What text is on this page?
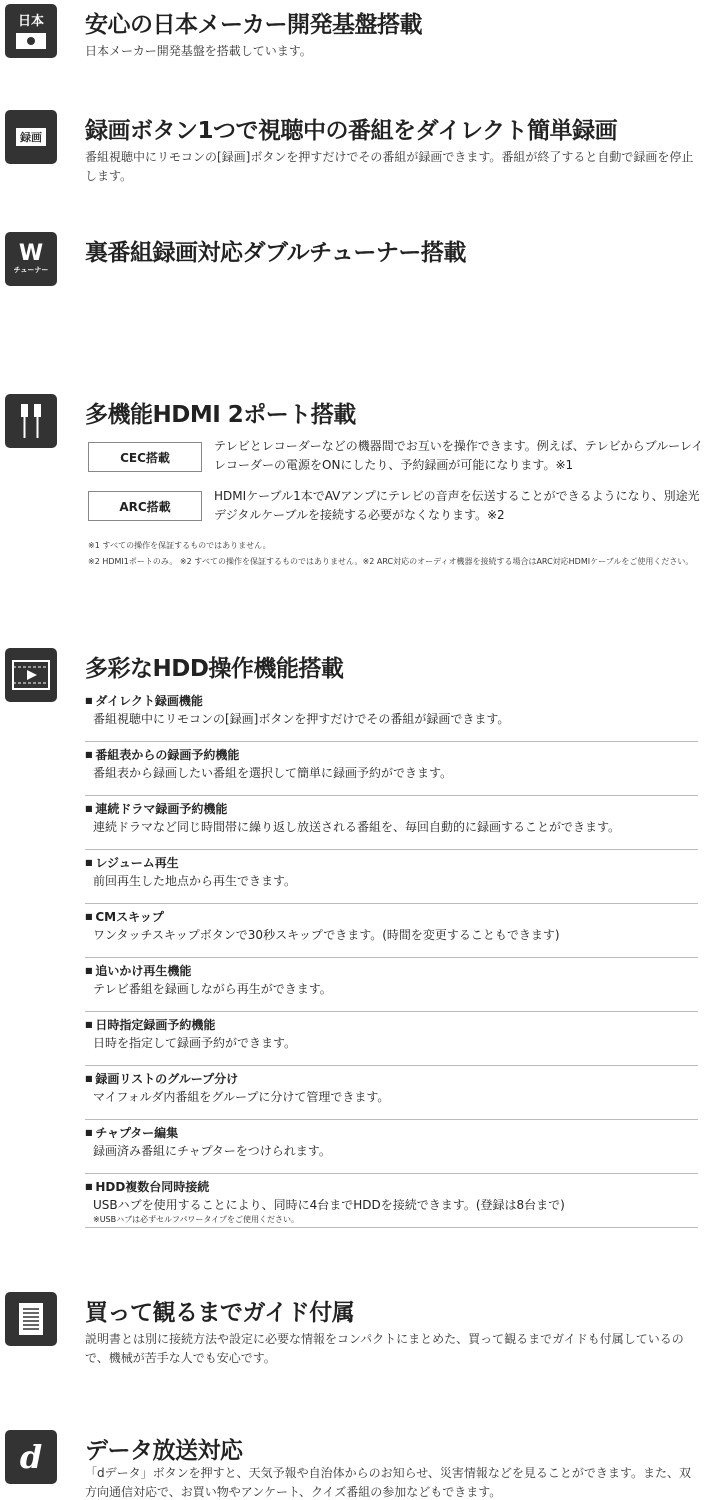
日本 安心の日本メーカー開発基盤搭載
日本メーカー開発基盤を搭載しています。
録画 録画ボタン1つで視聴中の番組をダイレクト簡単録画
番組視聴中にリモコンの[録画]ボタンを押すだけでその番組が録画できます。番組が終了すると自動で録画を停止します。
W
チューナー
裏番組録画対応ダブルチューナー搭載
多機能HDMI 2ポート搭載
CEC搭載
テレビとレコーダーなどの機器間でお互いを操作できます。例えば、テレビからブルーレイレコーダーの電源をONにしたり、予約録画が可能になります。※1
ARC搭載
HDMIケーブル1本でAVアンプにテレビの音声を伝送することができるようになり、別途光デジタルケーブルを接続する必要がなくなります。※2
※1 すべての操作を保証するものではありません。
※2 HDMI1ポートのみ。 ※2 すべての操作を保証するものではありません。※2 ARC対応のオーディオ機器を接続する場合はARC対応HDMIケーブルをご使用ください。
多彩なHDD操作機能搭載
■ ダイレクト録画機能
番組視聴中にリモコンの[録画]ボタンを押すだけでその番組が録画できます。
■ 番組表からの録画予約機能
番組表から録画したい番組を選択して簡単に録画予約ができます。
■ 連続ドラマ録画予約機能
連続ドラマなど同じ時間帯に繰り返し放送される番組を、毎回自動的に録画することができます。
■ レジューム再生
前回再生した地点から再生できます。
■ CMスキップ
ワンタッチスキップボタンで30秒スキップできます。(時間を変更することもできます)
■ 追いかけ再生機能
テレビ番組を録画しながら再生ができます。
■ 日時指定録画予約機能
日時を指定して録画予約ができます。
■ 録画リストのグループ分け
マイフォルダ内番組をグループに分けて管理できます。
■ チャプター編集
録画済み番組にチャプターをつけられます。
■ HDD複数台同時接続
USBハブを使用することにより、同時に4台までHDDを接続できます。(登録は8台まで)
※USBハブは必ずセルフパワータイプをご使用ください。
買って観るまでガイド付属
説明書とは別に接続方法や設定に必要な情報をコンパクトにまとめた、買って観るまでガイドも付属しているので、機械が苦手な人でも安心です。
d データ放送対応
「dデータ」ボタンを押すと、天気予報や自治体からのお知らせ、災害情報などを見ることができます。また、双方向通信対応で、お買い物やアンケート、クイズ番組の参加などもできます。
